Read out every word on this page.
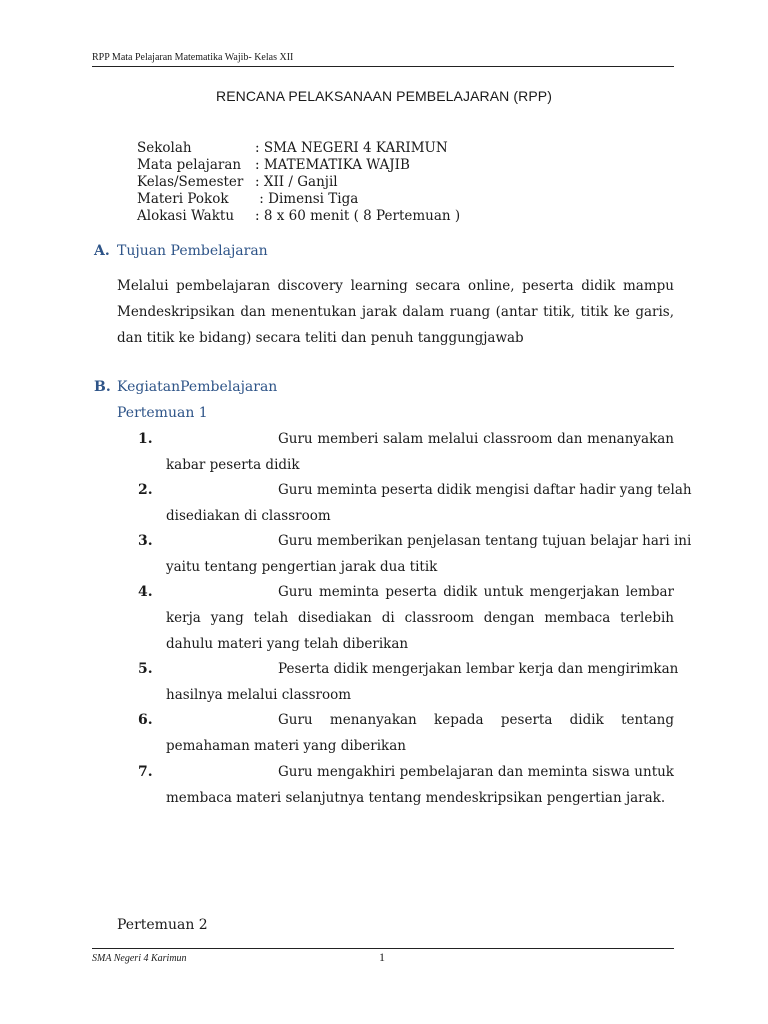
RPP Mata Pelajaran Matematika Wajib- Kelas XII
RENCANA PELAKSANAAN PEMBELAJARAN (RPP)
Sekolah	: SMA NEGERI 4 KARIMUN
Mata pelajaran	: MATEMATIKA WAJIB
Kelas/Semester	: XII / Ganjil
Materi Pokok	: Dimensi Tiga
Alokasi Waktu	: 8 x 60 menit ( 8 Pertemuan )
A. Tujuan Pembelajaran
Melalui pembelajaran discovery learning secara online, peserta didik mampu Mendeskripsikan dan menentukan jarak dalam ruang (antar titik, titik ke garis, dan titik ke bidang) secara teliti dan penuh tanggungjawab
B. KegiatanPembelajaran
Pertemuan 1
1.	Guru memberi salam melalui classroom dan menanyakan
kabar peserta didik
2.	Guru meminta peserta didik mengisi daftar hadir yang telah
disediakan di classroom
3.	Guru memberikan penjelasan tentang tujuan belajar hari ini
yaitu tentang pengertian jarak dua titik
4.	Guru meminta peserta didik untuk mengerjakan lembar
kerja yang telah disediakan di classroom dengan membaca terlebih dahulu materi yang telah diberikan
5.	Peserta didik mengerjakan lembar kerja dan mengirimkan
hasilnya melalui classroom
6.	Guru menanyakan kepada peserta didik tentang
pemahaman materi yang diberikan
7.	Guru mengakhiri pembelajaran dan meminta siswa untuk
membaca materi selanjutnya tentang mendeskripsikan pengertian jarak.
Pertemuan 2
SMA Negeri 4 Karimun	1
